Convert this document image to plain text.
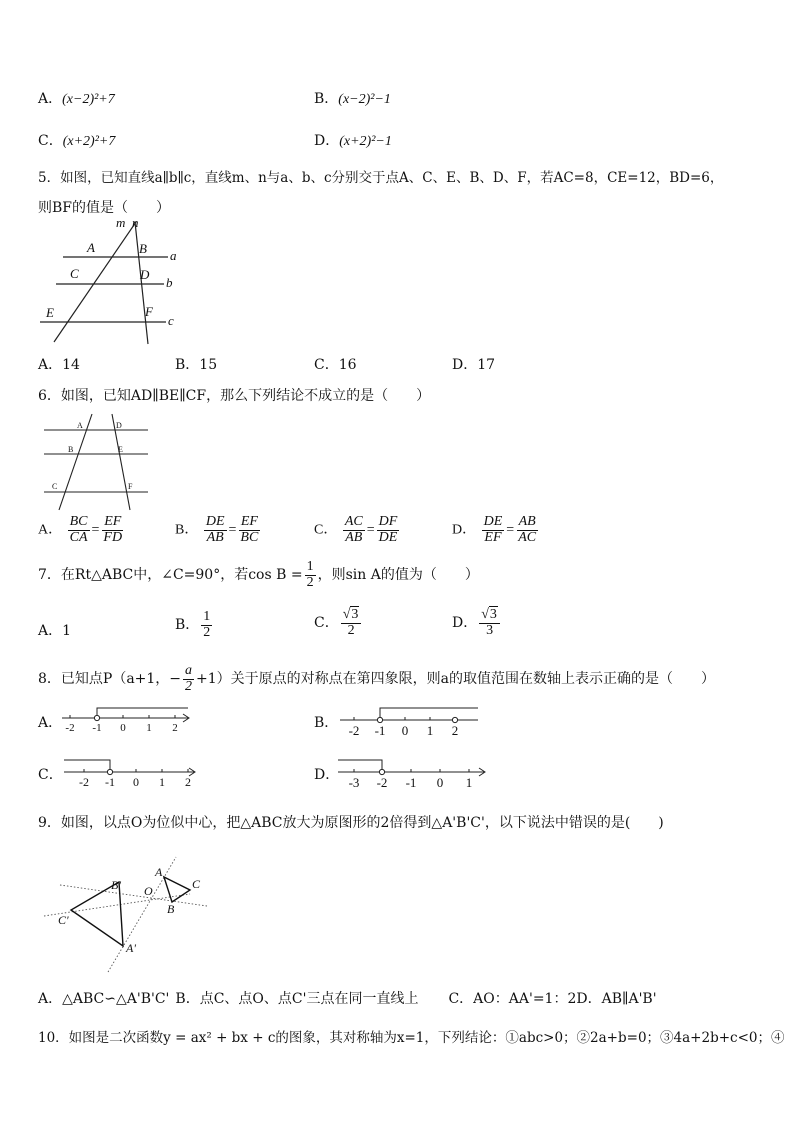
A．(x−2)²+7	B．(x−2)²−1
C．(x+2)²+7	D．(x+2)²−1
5．如图，已知直线a∥b∥c，直线m、n与a、b、c分别交于点A、C、E、B、D、F，若AC=8，CE=12，BD=6，
则BF的值是（　　）
m n
A	B
C	D
E	F
a
b
c
A．14	B．15	C．16	D．17
6．如图，已知AD∥BE∥CF，那么下列结论不成立的是（　　）
A	D
B	E
C	F
A． $\frac{BC}{CA} = \frac{EF}{FD}$	B． $\frac{DE}{AB} = \frac{EF}{BC}$	C． $\frac{AC}{AB} = \frac{DF}{DE}$	D． $\frac{DE}{EF} = \frac{AB}{AC}$
7．在Rt△ABC中，∠C=90°，若$\cos B = \frac{1}{2}$ ，则sin A的值为（　　）
A．1	B． $\frac{1}{2}$	C． $\frac{√3}{2}$	D． $\frac{√3}{3}$
8．已知点P（a+1，− $\frac{a}{2} +1$）关于原点的对称点在第四象限，则a的取值范围在数轴上表示正确的是（　　）
A． -2 -1 0 1 2	B． -2 -1 0 1 2
C． -2 -1 0 1 2	D． -3 -2 -1 0 1
9．如图，以点O为位似中心，把△ABC放大为原图形的2倍得到△A'B'C'，以下说法中错误的是(　　)
A
B
C
O
A'
B'
C'
A．△ABC∽△A'B'C' B．点C、点O、点C'三点在同一直线上 C．AO：AA'=1：2D．AB∥A'B'
10．如图是二次函数y = ax² + bx + c的图象，其对称轴为x=1，下列结论：①abc>0；②2a+b=0；③4a+2b+c<0；④
